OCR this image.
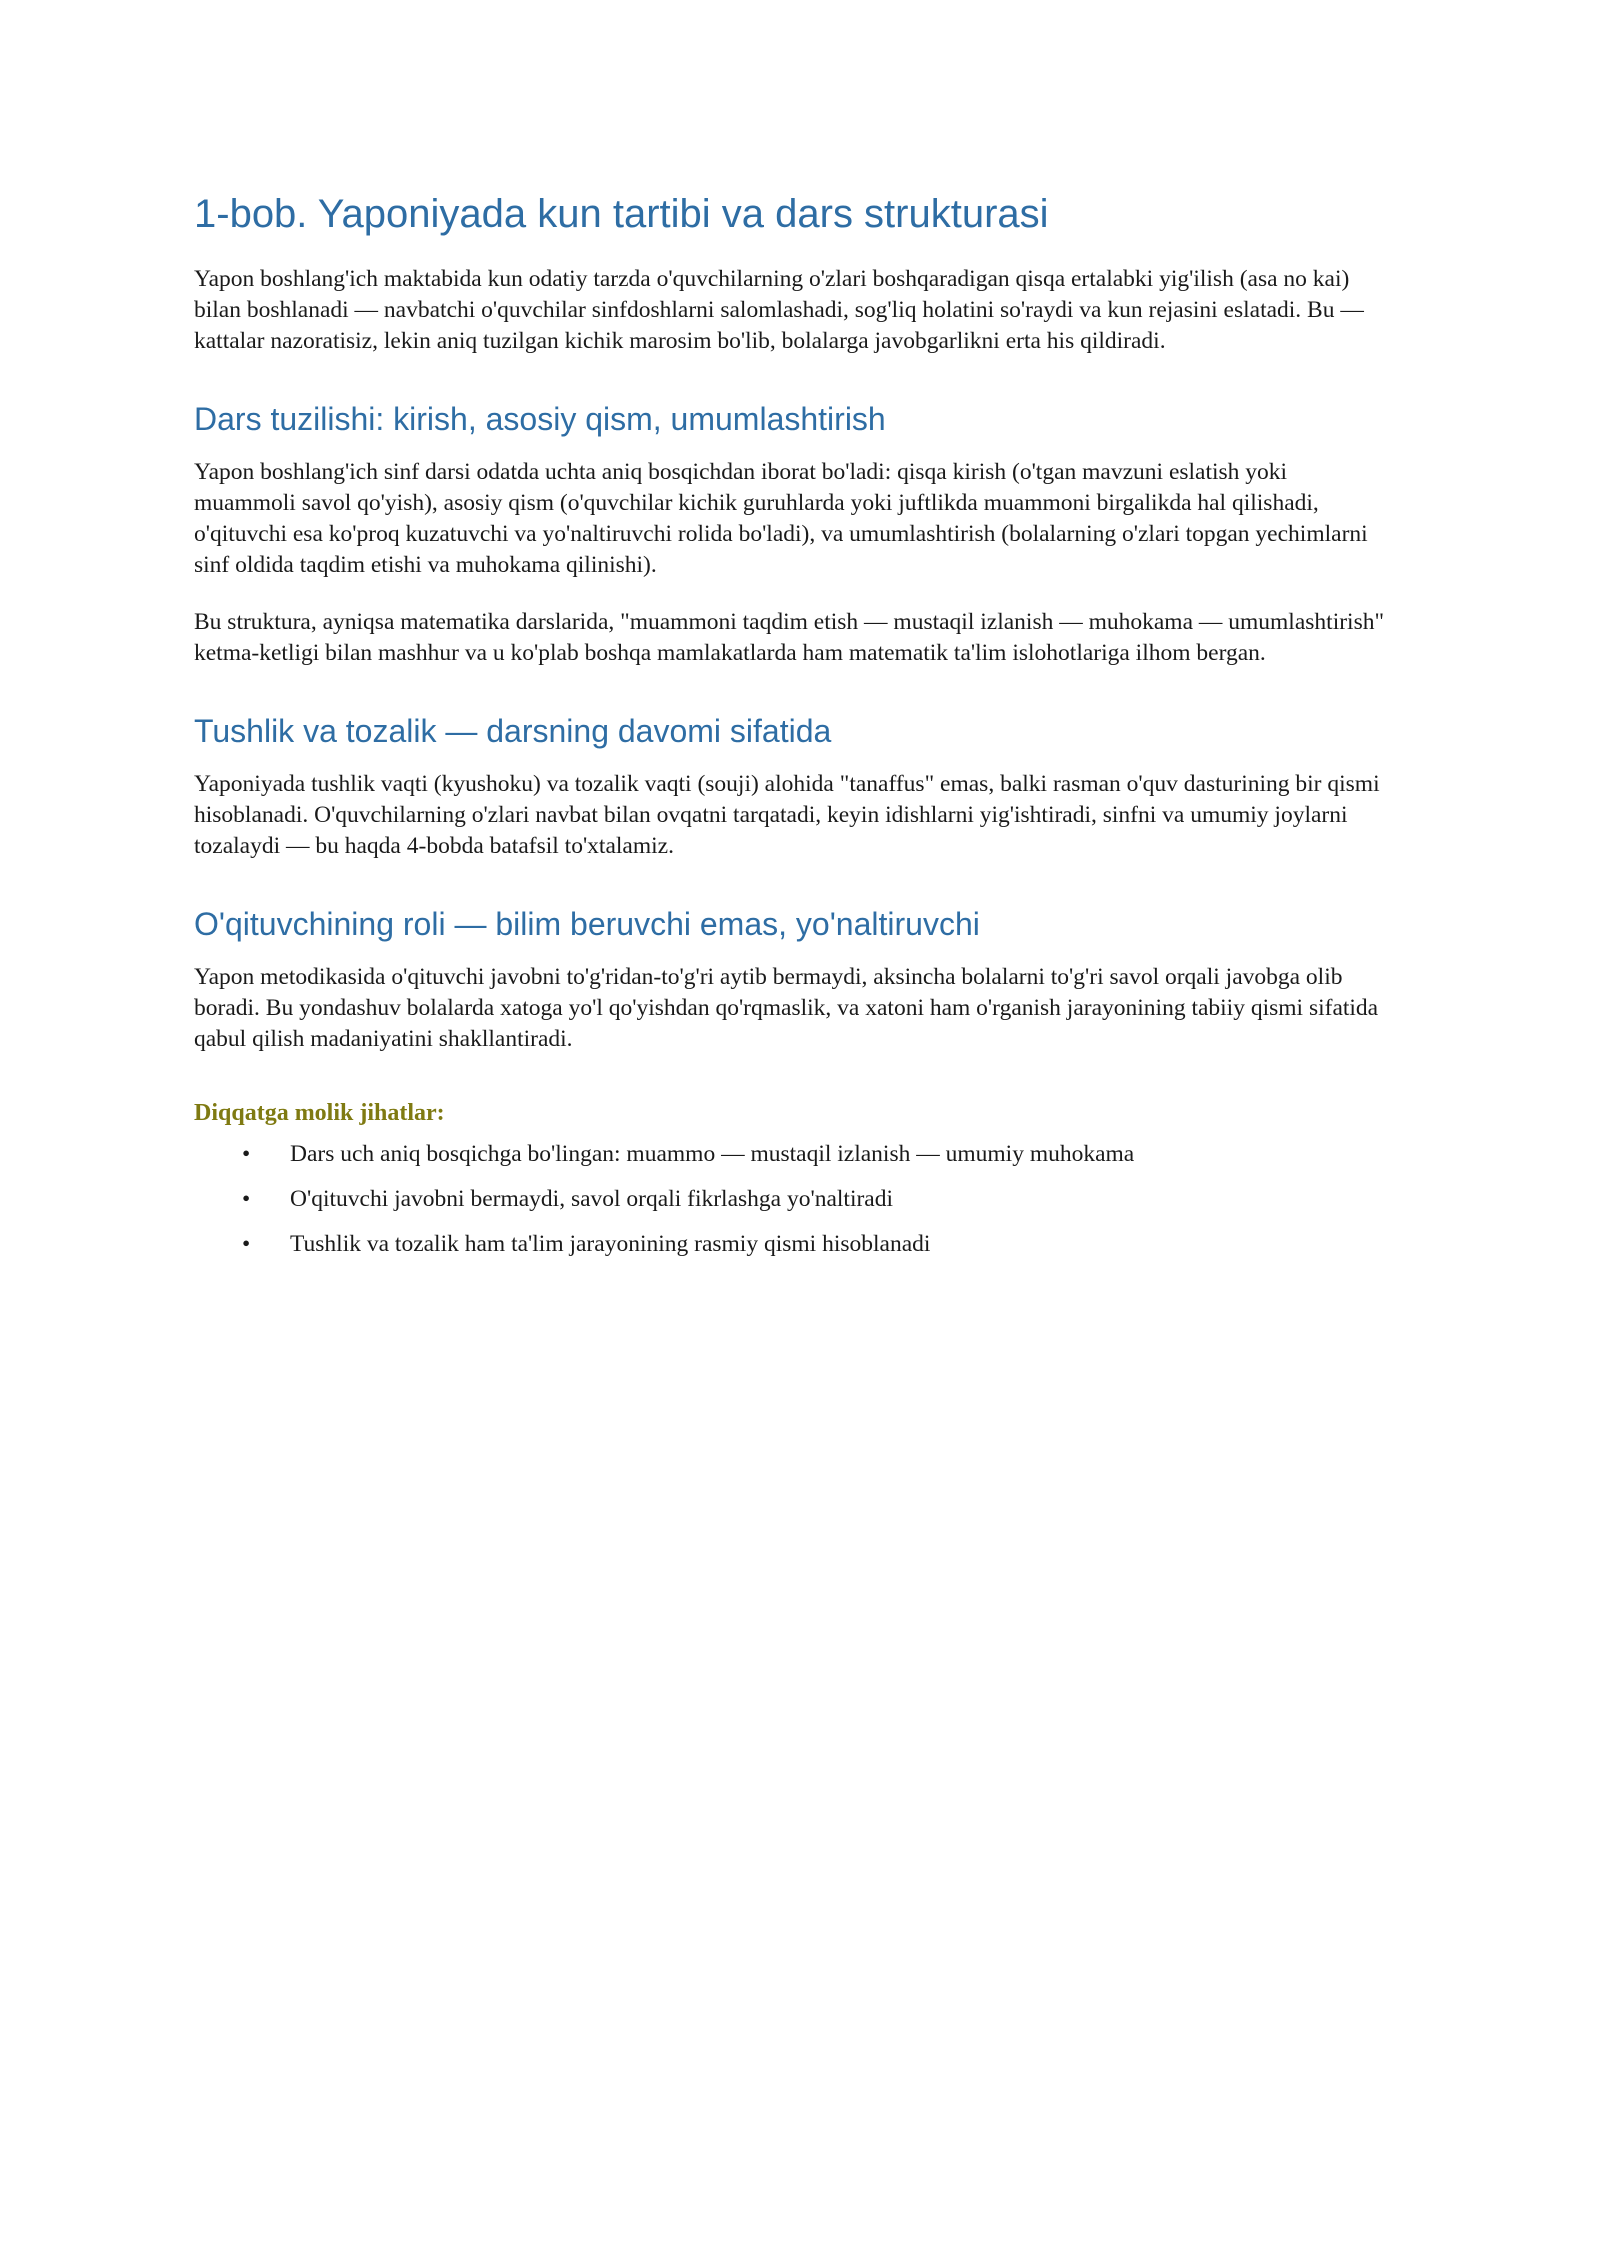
1-bob. Yaponiyada kun tartibi va dars strukturasi

Yapon boshlang'ich maktabida kun odatiy tarzda o'quvchilarning o'zlari boshqaradigan qisqa ertalabki yig'ilish (asa no kai) bilan boshlanadi — navbatchi o'quvchilar sinfdoshlarni salomlashadi, sog'liq holatini so'raydi va kun rejasini eslatadi. Bu — kattalar nazoratisiz, lekin aniq tuzilgan kichik marosim bo'lib, bolalarga javobgarlikni erta his qildiradi.

Dars tuzilishi: kirish, asosiy qism, umumlashtirish

Yapon boshlang'ich sinf darsi odatda uchta aniq bosqichdan iborat bo'ladi: qisqa kirish (o'tgan mavzuni eslatish yoki muammoli savol qo'yish), asosiy qism (o'quvchilar kichik guruhlarda yoki juftlikda muammoni birgalikda hal qilishadi, o'qituvchi esa ko'proq kuzatuvchi va yo'naltiruvchi rolida bo'ladi), va umumlashtirish (bolalarning o'zlari topgan yechimlarni sinf oldida taqdim etishi va muhokama qilinishi).

Bu struktura, ayniqsa matematika darslarida, "muammoni taqdim etish — mustaqil izlanish — muhokama — umumlashtirish" ketma-ketligi bilan mashhur va u ko'plab boshqa mamlakatlarda ham matematik ta'lim islohotlariga ilhom bergan.

Tushlik va tozalik — darsning davomi sifatida

Yaponiyada tushlik vaqti (kyushoku) va tozalik vaqti (souji) alohida "tanaffus" emas, balki rasman o'quv dasturining bir qismi hisoblanadi. O'quvchilarning o'zlari navbat bilan ovqatni tarqatadi, keyin idishlarni yig'ishtiradi, sinfni va umumiy joylarni tozalaydi — bu haqda 4-bobda batafsil to'xtalamiz.

O'qituvchining roli — bilim beruvchi emas, yo'naltiruvchi

Yapon metodikasida o'qituvchi javobni to'g'ridan-to'g'ri aytib bermaydi, aksincha bolalarni to'g'ri savol orqali javobga olib boradi. Bu yondashuv bolalarda xatoga yo'l qo'yishdan qo'rqmaslik, va xatoni ham o'rganish jarayonining tabiiy qismi sifatida qabul qilish madaniyatini shakllantiradi.

Diqqatga molik jihatlar:
• Dars uch aniq bosqichga bo'lingan: muammo — mustaqil izlanish — umumiy muhokama
• O'qituvchi javobni bermaydi, savol orqali fikrlashga yo'naltiradi
• Tushlik va tozalik ham ta'lim jarayonining rasmiy qismi hisoblanadi
